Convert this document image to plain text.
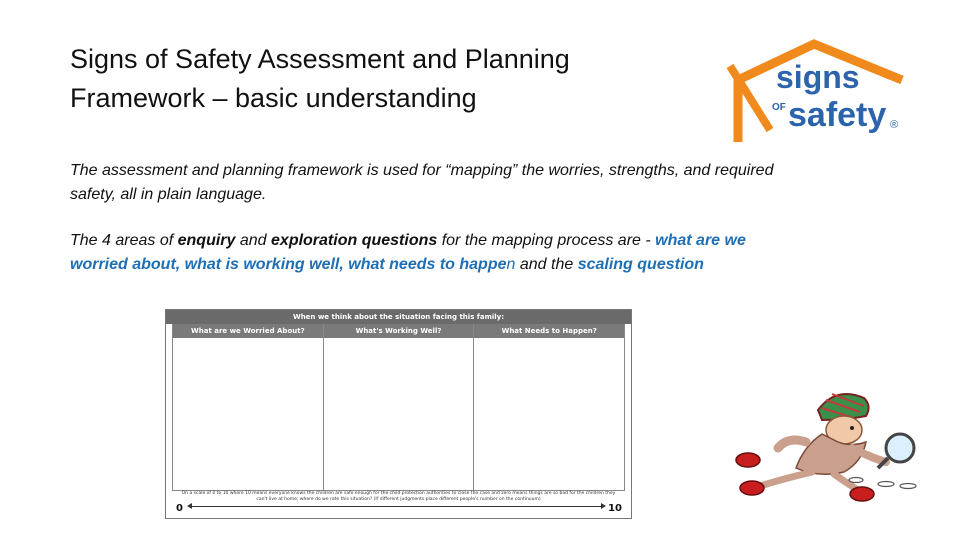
Signs of Safety Assessment and Planning
Framework – basic understanding
signs
OF safety ®

The assessment and planning framework is used for “mapping” the worries, strengths, and required safety, all in plain language.

The 4 areas of enquiry and exploration questions for the mapping process are - what are we worried about, what is working well, what needs to happen and the scaling question

When we think about the situation facing this family:
What are we Worried About?	What's Working Well?	What Needs to Happen?
On a scale of 0 to 10 where 10 means everyone knows the children are safe enough for the child protection authorities to close the case and zero means things are so bad for the children they can't live at home; where do we rate this situation? (If different judgments place different people's number on the continuum)
0	10
